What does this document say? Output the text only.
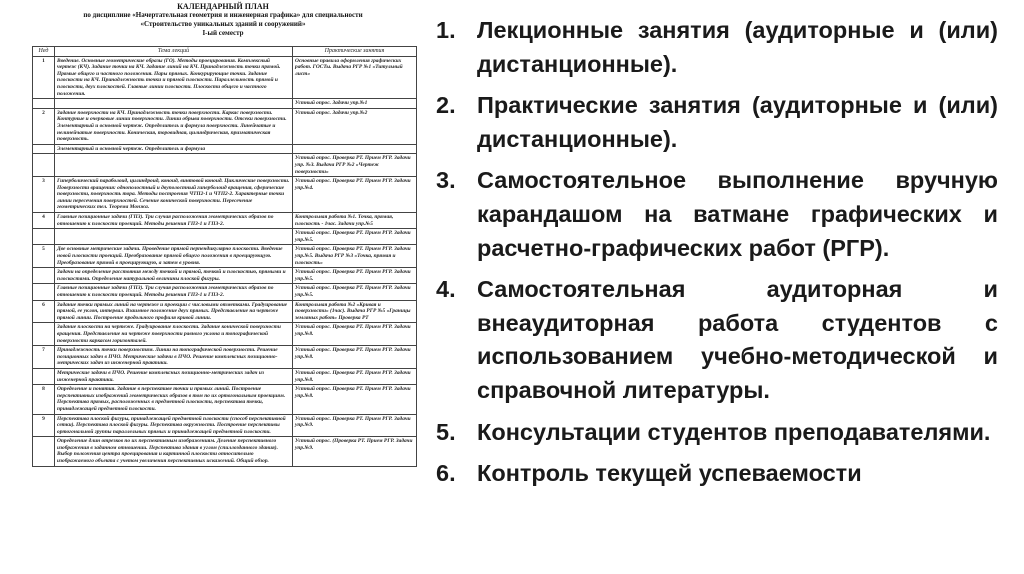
КАЛЕНДАРНЫЙ ПЛАН
по дисциплине «Начертательная геометрия и инженерная графика» для специальности
«Строительство уникальных зданий и сооружений»
I-ый семестр
Нед	Тема лекций	Практические занятия
1	Введение. Основные геометрические образы (ГО). Методы проецирования. Комплексный чертеж (КЧ). Задание точки на КЧ. Задание линий на КЧ. Принадлежность точки прямой. Прямые общего и частного положения. Пары прямых. Конкурирующие точки. Задание плоскости на КЧ. Принадлежность точки и прямой плоскости. Параллельность прямой и плоскости, двух плоскостей. Главные линии плоскости. Плоскости общего и частного положения.	Основные правила оформления графических работ. ГОСТы. Выдача РГР №1 «Титульный лист»
		Устный опрос. Задачи упр.№1
2	Задание поверхности на КЧ. Принадлежность точки поверхности. Каркас поверхности. Контурные и очерковые линии поверхности. Линии обрыва поверхности. Отсеки поверхности. Элементарный и основной чертеж. Определитель и формула поверхности. Линейчатые и нелинейчатые поверхности. Коническая, торовидная, цилиндрическая, призматическая поверхность.	Устный опрос. Задачи упр.№2
	Элементарный и основной чертеж. Определитель и формула	
		Устный опрос. Проверка РТ. Прием РГР. Задачи упр. №3. Выдача РГР №2 «Чертеж поверхности»
3	Гиперболический параболоид, цилиндроид, коноид, винтовой коноид. Циклические поверхности. Поверхности вращения: однополостный и двуполостный гиперболоид вращения, сферические поверхности, поверхность тора. Методы построения ЧТП2-1 и ЧТП2-2. Характерные точки линии пересечения поверхностей. Сечение конической поверхности. Пересечение геометрических тел. Теорема Монжа.	Устный опрос. Проверка РТ. Прием РГР. Задачи упр.№4.
4	Главные позиционные задачи (ГПЗ). Три случая расположения геометрических образов по отношению к плоскости проекций. Методы решения ГПЗ-1 и ГПЗ-2.	Контрольная работа №1. Точка, прямая, плоскость - 1час. Задачи упр.№5
		Устный опрос. Проверка РТ. Прием РГР. Задачи упр.№5.
5	Две основные метрические задачи. Проведение прямой перпендикулярно плоскости. Введение новой плоскости проекций. Преобразование прямой общего положения в проецирующую. Преобразование прямой в проецирующую, а затем в уровня.	Устный опрос. Проверка РТ. Прием РГР. Задачи упр.№5. Выдача РГР №3 «Точка, прямая и плоскость»
	Задачи на определение расстояния между точкой и прямой, точкой и плоскостью, прямыми и плоскостями. Определение натуральной величины плоской фигуры.	Устный опрос. Проверка РТ. Прием РГР. Задачи упр.№5.
	Главные позиционные задачи (ГПЗ). Три случая расположения геометрических образов по отношению к плоскости проекций. Методы решения ГПЗ-1 и ГПЗ-2.	Устный опрос. Проверка РТ. Прием РГР. Задачи упр.№5.
6	Задание точки прямых линий на чертеже и проекции с числовыми отметками. Градуирование прямой, ее уклон, интервал. Взаимное положение двух прямых. Представление на чертеже прямой линии. Построение продольного профиля кривой линии.	Контрольная работа №2 «Кривая и поверхности» (1час). Выдача РГР №5 «Границы земляных работ» Проверка РТ
	Задание плоскости на чертеже. Градуирование плоскости. Задание конической поверхности вращения. Представление на чертеже поверхности равного уклона и топографической поверхности каркасом горизонталей.	Устный опрос. Проверка РТ. Прием РГР. Задачи упр.№8.
7	Принадлежность точки поверхностям. Линии на топографической поверхности. Решение позиционных задач в ПЧО. Метрические задачи в ПЧО. Решение комплексных позиционно-метрических задач из инженерной практики.	Устный опрос. Проверка РТ. Прием РГР. Задачи упр.№8.
	Метрические задачи в ПЧО. Решение комплексных позиционно-метрических задач из инженерной практики.	Устный опрос. Проверка РТ. Прием РГР. Задачи упр.№8.
8	Определение и понятия. Задание в перспективе точки и прямых линий. Построение перспективных изображений геометрических образов в том по их ортогональным проекциям. Перспектива прямых, расположенных в предметной плоскости, перспектива точки, принадлежащей предметной плоскости.	Устный опрос. Проверка РТ. Прием РГР. Задачи упр.№8.
9	Перспектива плоской фигуры, принадлежащей предметной плоскости (способ перспективной сетки). Перспектива плоской фигуры. Перспектива окружности. Построение перспективы ортогональной группы параллельных прямых и принадлежащей предметной плоскости.	Устный опрос. Проверка РТ. Прием РГР. Задачи упр.№9.
	Определение длин отрезков по их перспективным изображениям. Деление перспективного изображения в заданном отношении. Перспектива здания в углом (спиллозданного здания). Выбор положения центра проецирования и картинной плоскости относительно изображаемого объекта с учетом увеличения перспективных искажений. Общий обзор.	Устный опрос. (Проверка РТ. Прием РГР. Задачи упр.№9.
1. Лекционные занятия (аудиторные и (или) дистанционные).
2. Практические занятия (аудиторные и (или) дистанционные).
3. Самостоятельное выполнение вручную карандашом на ватмане графических и расчетно-графических работ (РГР).
4. Самостоятельная аудиторная и внеаудиторная работа студентов с использованием учебно-методической и справочной литературы.
5. Консультации студентов преподавателями.
6. Контроль текущей успеваемости
